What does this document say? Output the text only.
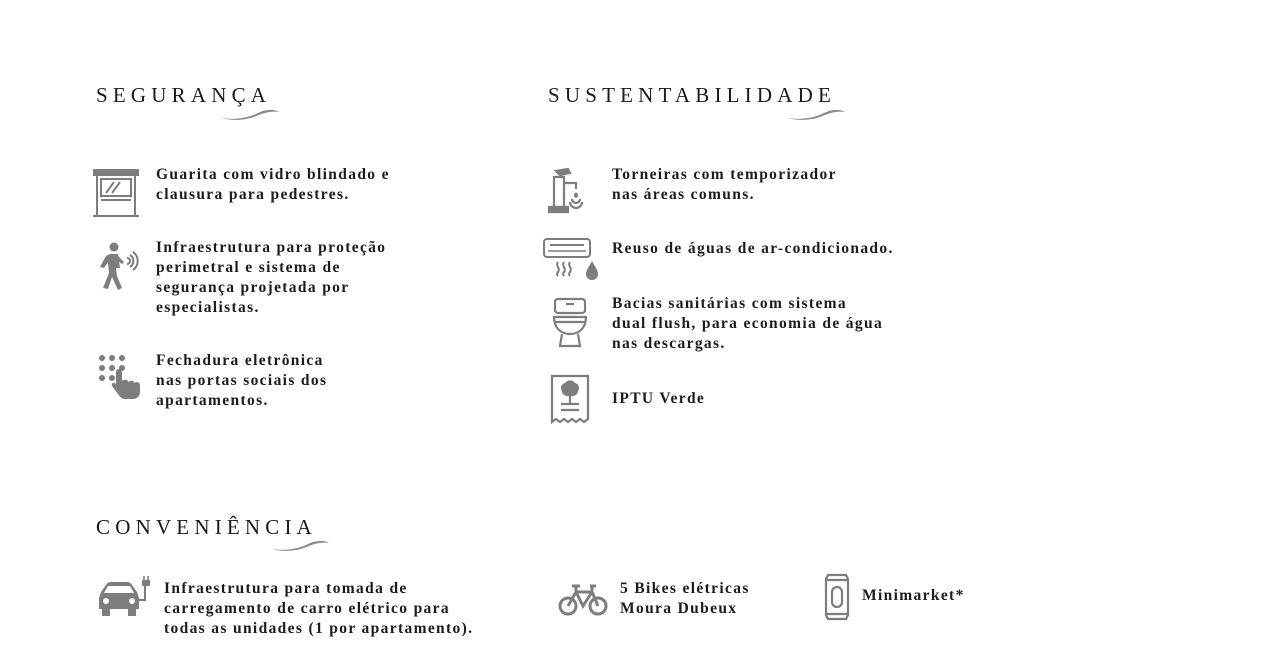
SEGURANÇA
Guarita com vidro blindado e
clausura para pedestres.
Infraestrutura para proteção
perimetral e sistema de
segurança projetada por
especialistas.
Fechadura eletrônica
nas portas sociais dos
apartamentos.
SUSTENTABILIDADE
Torneiras com temporizador
nas áreas comuns.
Reuso de águas de ar-condicionado.
Bacias sanitárias com sistema
dual flush, para economia de água
nas descargas.
IPTU Verde
CONVENIÊNCIA
Infraestrutura para tomada de
carregamento de carro elétrico para
todas as unidades (1 por apartamento).
5 Bikes elétricas
Moura Dubeux
Minimarket*
